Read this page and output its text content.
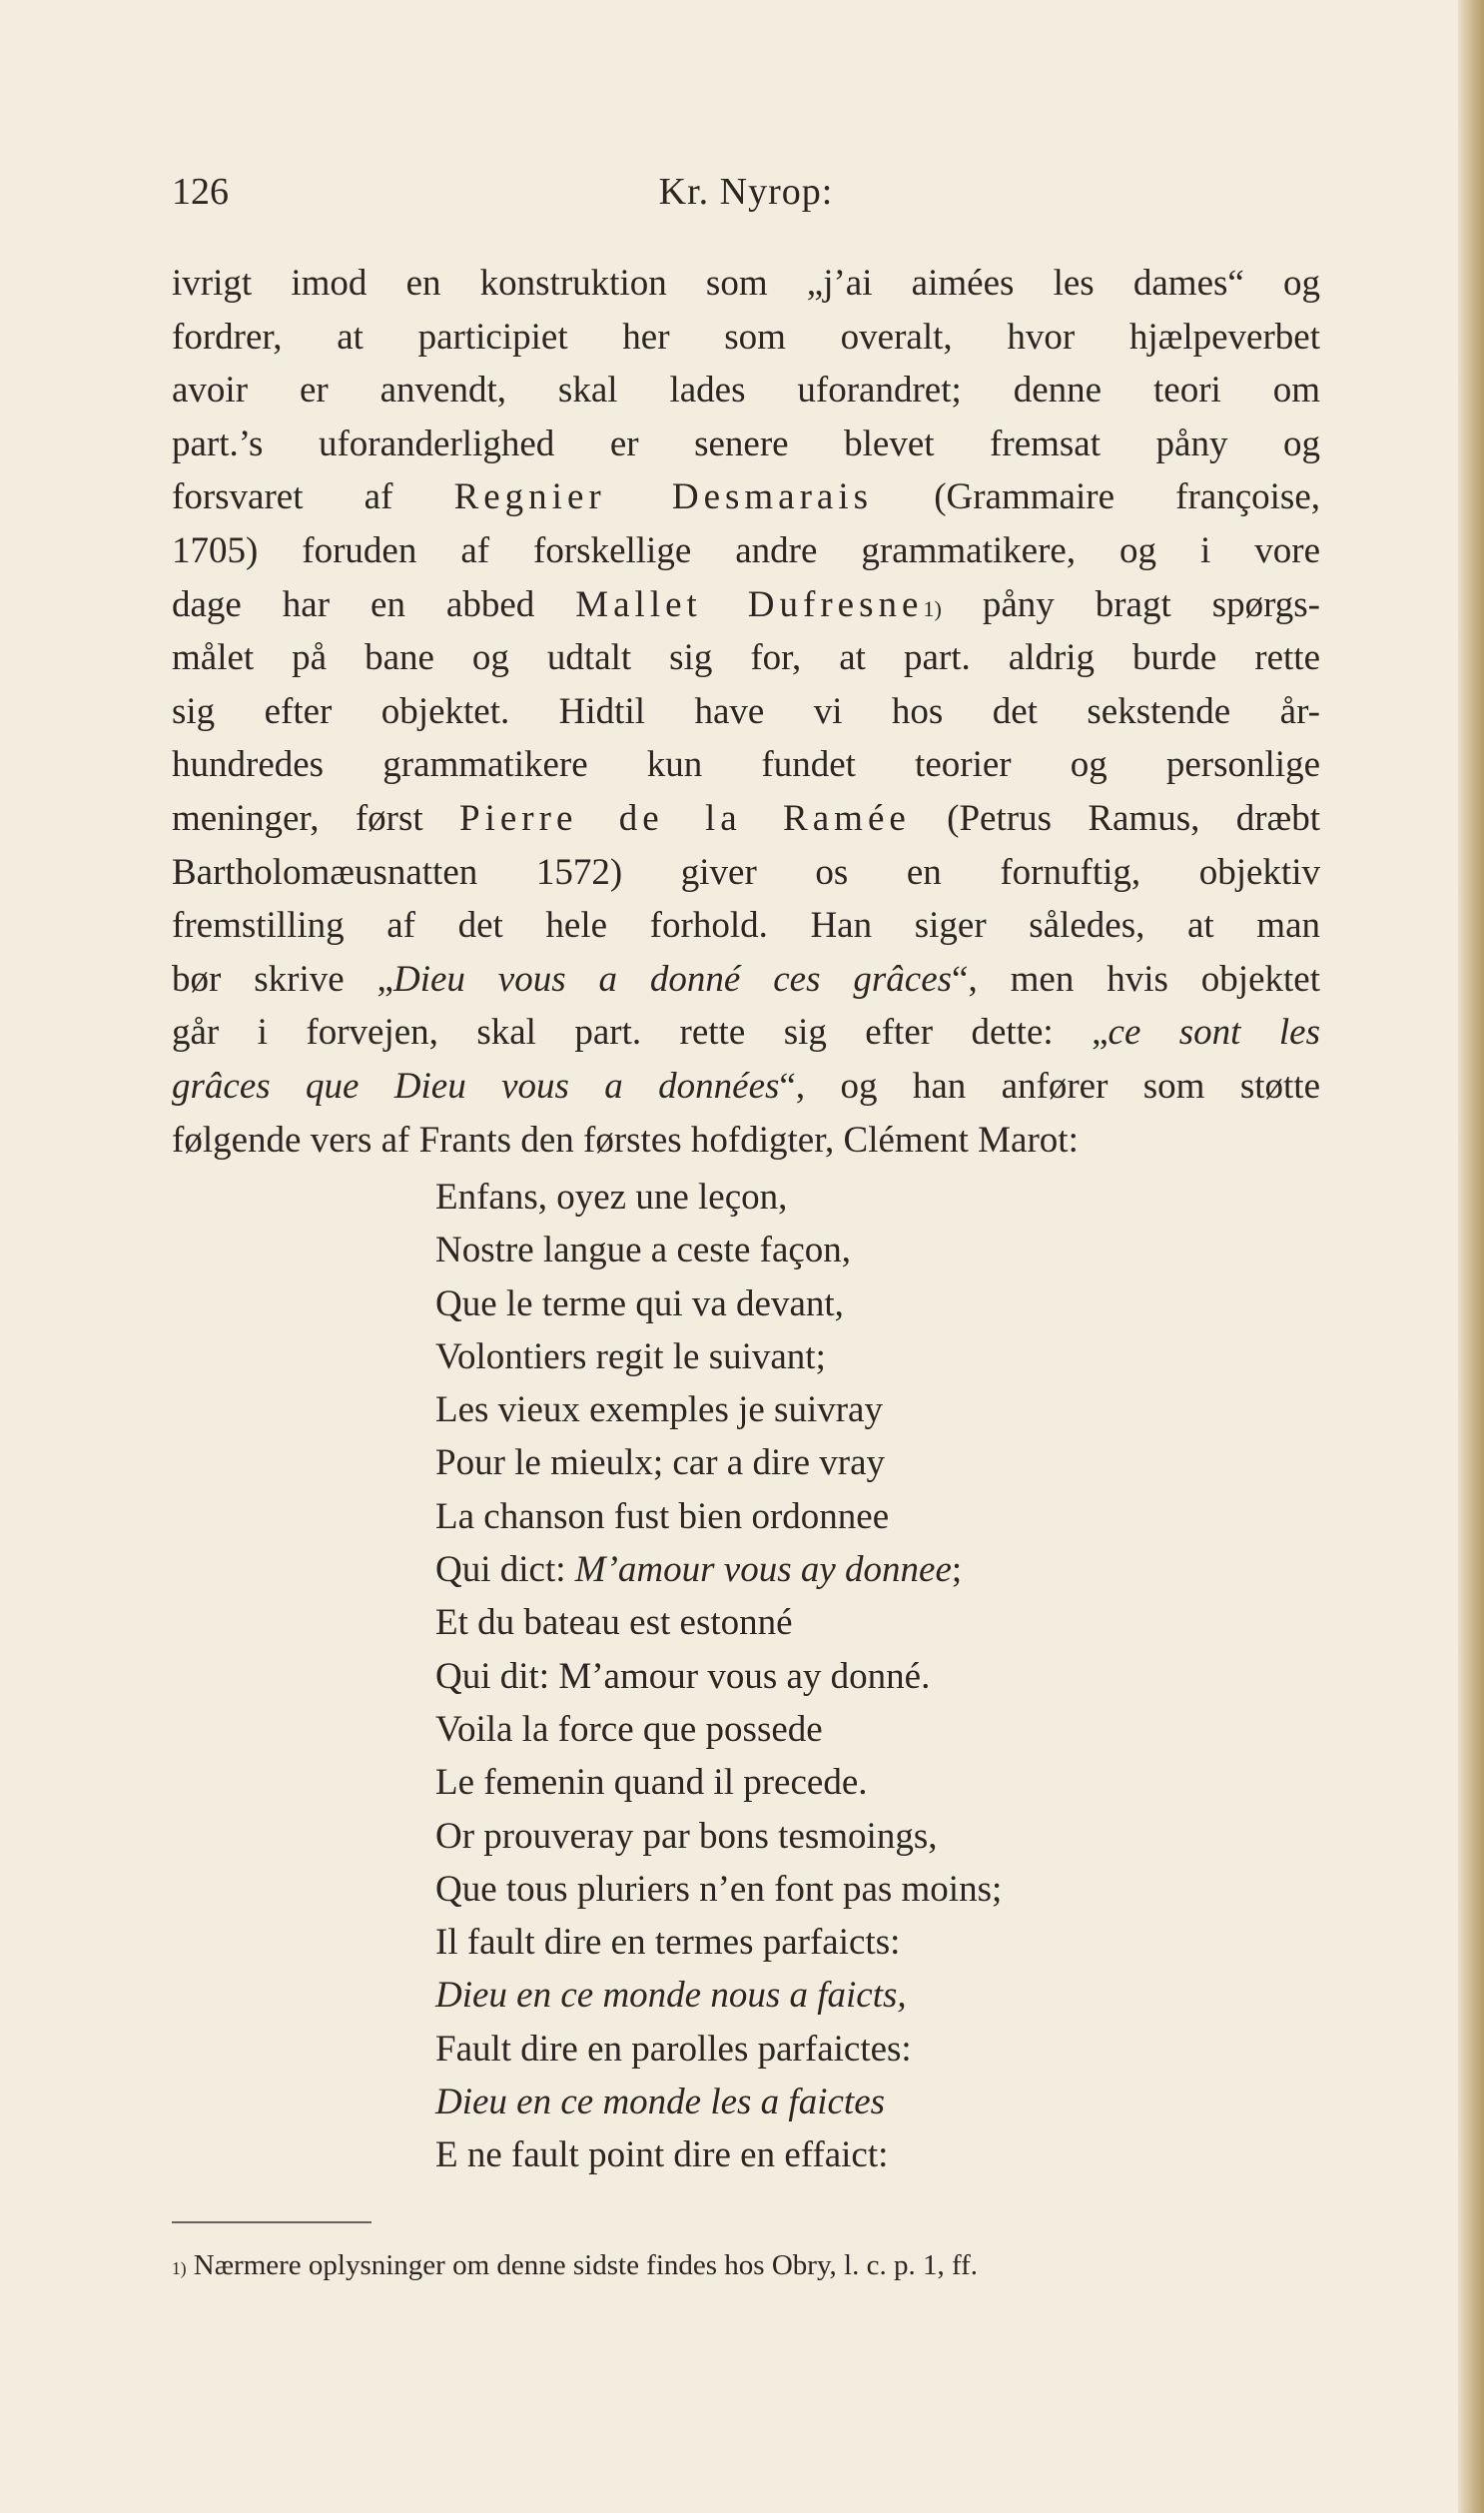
126	Kr. Nyrop:
ivrigt imod en konstruktion som „j’ai aimées les dames“ og
fordrer, at participiet her som overalt, hvor hjælpeverbet
avoir er anvendt, skal lades uforandret; denne teori om
part.’s uforanderlighed er senere blevet fremsat påny og
forsvaret af Regnier Desmarais (Grammaire françoise,
1705) foruden af forskellige andre grammatikere, og i vore
dage har en abbed Mallet Dufresne$^{1)}$ påny bragt spørgs-
målet på bane og udtalt sig for, at part. aldrig burde rette
sig efter objektet. Hidtil have vi hos det sekstende år-
hundredes grammatikere kun fundet teorier og personlige
meninger, først Pierre de la Ramée (Petrus Ramus, dræbt
Bartholomæusnatten 1572) giver os en fornuftig, objektiv
fremstilling af det hele forhold. Han siger således, at man
bør skrive „Dieu vous a donné ces grâces“, men hvis objektet
går i forvejen, skal part. rette sig efter dette: „ce sont les
grâces que Dieu vous a données“, og han anfører som støtte
følgende vers af Frants den førstes hofdigter, Clément Marot:
Enfans, oyez une leçon,
Nostre langue a ceste façon,
Que le terme qui va devant,
Volontiers regit le suivant;
Les vieux exemples je suivray
Pour le mieulx; car a dire vray
La chanson fust bien ordonnee
Qui dict: M’amour vous ay donnee;
Et du bateau est estonné
Qui dit: M’amour vous ay donné.
Voila la force que possede
Le femenin quand il precede.
Or prouveray par bons tesmoings,
Que tous pluriers n’en font pas moins;
Il fault dire en termes parfaicts:
Dieu en ce monde nous a faicts,
Fault dire en parolles parfaictes:
Dieu en ce monde les a faictes
E ne fault point dire en effaict:
$^{1)}$ Nærmere oplysninger om denne sidste findes hos Obry, l. c. p. 1, ff.
